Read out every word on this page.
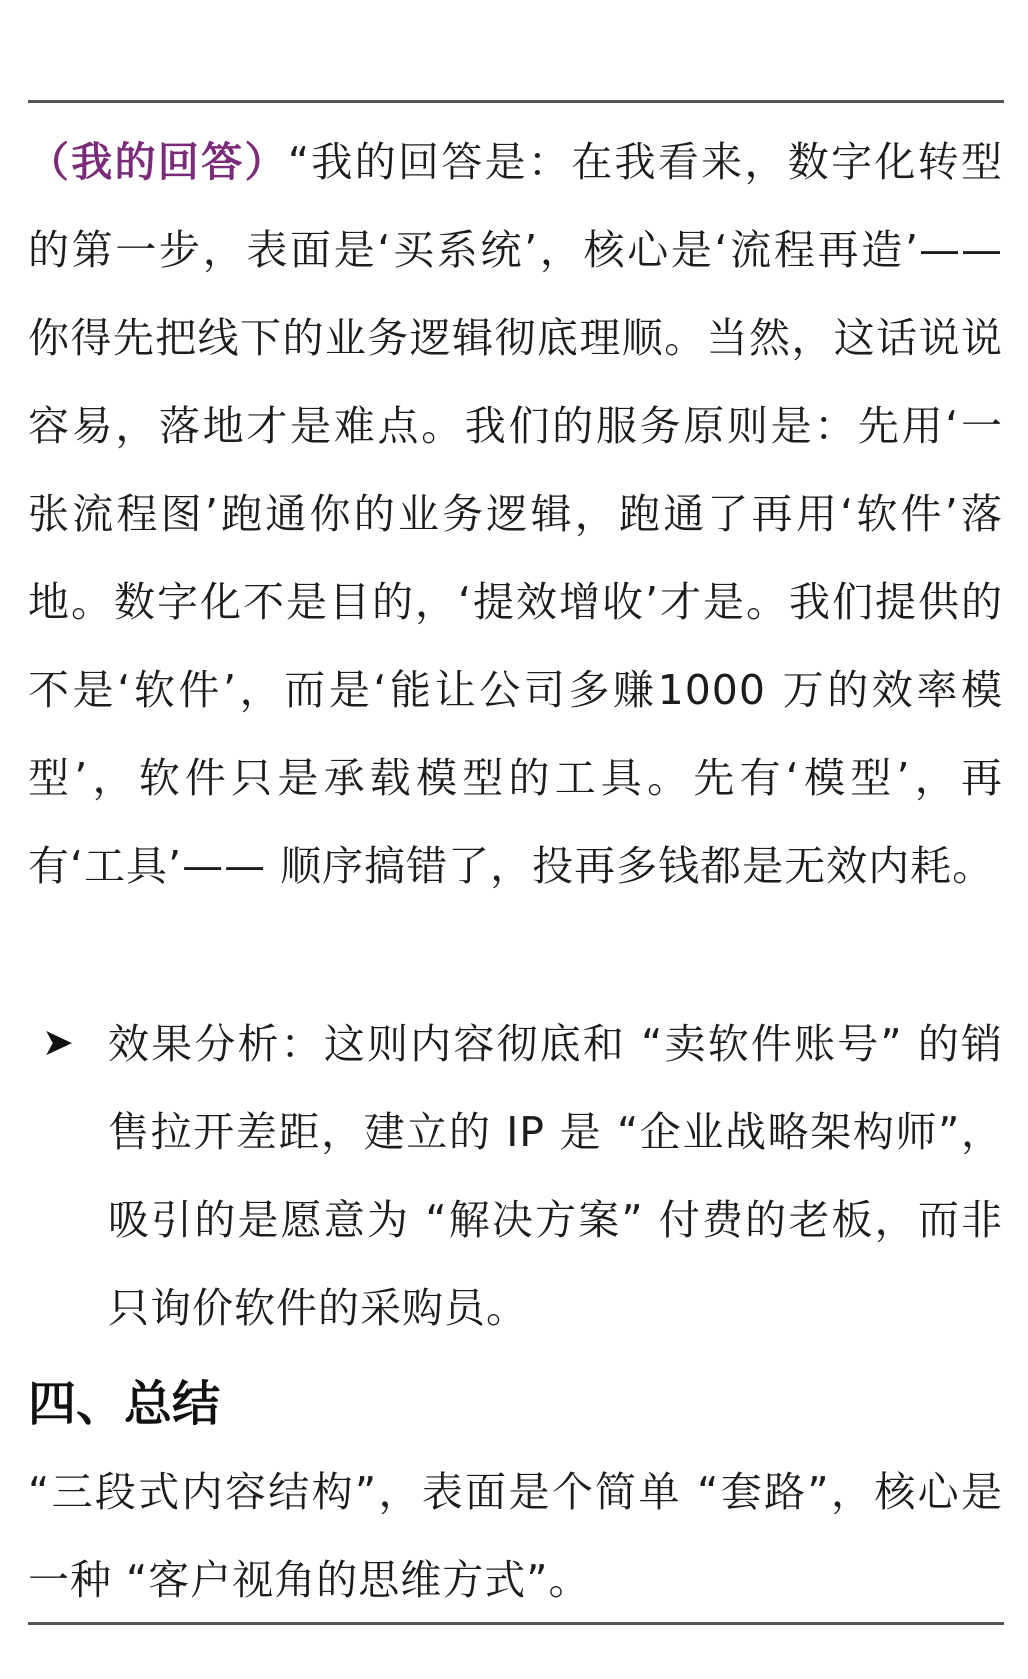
（我的回答）“我的回答是：在我看来，数字化转型的第一步，表面是‘买系统’，核心是‘流程再造’—— 你得先把线下的业务逻辑彻底理顺。当然，这话说说容易，落地才是难点。我们的服务原则是：先用‘一张流程图’跑通你的业务逻辑，跑通了再用‘软件’落地。数字化不是目的，‘提效增收’才是。我们提供的不是‘软件’，而是‘能让公司多赚1000 万的效率模型’，软件只是承载模型的工具。先有‘模型’，再有‘工具’—— 顺序搞错了，投再多钱都是无效内耗。

➤ 效果分析：这则内容彻底和 “卖软件账号” 的销售拉开差距，建立的 IP 是 “企业战略架构师”，吸引的是愿意为 “解决方案” 付费的老板，而非只询价软件的采购员。
四、总结

“三段式内容结构”，表面是个简单 “套路”，核心是一种 “客户视角的思维方式”。
